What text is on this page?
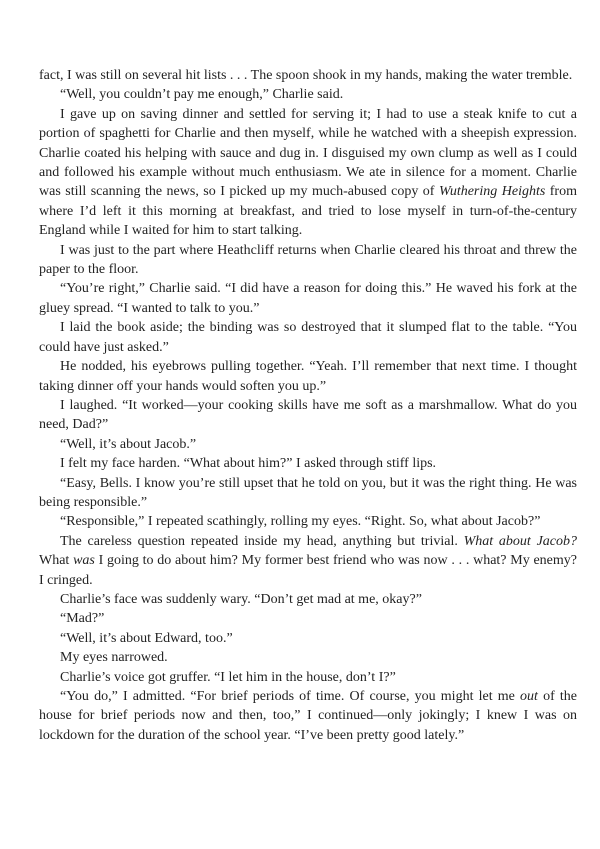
fact, I was still on several hit lists . . . The spoon shook in my hands, making the water tremble.

“Well, you couldn’t pay me enough,” Charlie said.

I gave up on saving dinner and settled for serving it; I had to use a steak knife to cut a portion of spaghetti for Charlie and then myself, while he watched with a sheepish expression. Charlie coated his helping with sauce and dug in. I disguised my own clump as well as I could and followed his example without much enthusiasm. We ate in silence for a moment. Charlie was still scanning the news, so I picked up my much-abused copy of Wuthering Heights from where I’d left it this morning at breakfast, and tried to lose myself in turn-of-the-century England while I waited for him to start talking.

I was just to the part where Heathcliff returns when Charlie cleared his throat and threw the paper to the floor.

“You’re right,” Charlie said. “I did have a reason for doing this.” He waved his fork at the gluey spread. “I wanted to talk to you.”

I laid the book aside; the binding was so destroyed that it slumped flat to the table. “You could have just asked.”

He nodded, his eyebrows pulling together. “Yeah. I’ll remember that next time. I thought taking dinner off your hands would soften you up.”

I laughed. “It worked—your cooking skills have me soft as a marshmallow. What do you need, Dad?”

“Well, it’s about Jacob.”

I felt my face harden. “What about him?” I asked through stiff lips.

“Easy, Bells. I know you’re still upset that he told on you, but it was the right thing. He was being responsible.”

“Responsible,” I repeated scathingly, rolling my eyes. “Right. So, what about Jacob?”

The careless question repeated inside my head, anything but trivial. What about Jacob? What was I going to do about him? My former best friend who was now . . . what? My enemy? I cringed.

Charlie’s face was suddenly wary. “Don’t get mad at me, okay?”

“Mad?”

“Well, it’s about Edward, too.”

My eyes narrowed.

Charlie’s voice got gruffer. “I let him in the house, don’t I?”

“You do,” I admitted. “For brief periods of time. Of course, you might let me out of the house for brief periods now and then, too,” I continued—only jokingly; I knew I was on lockdown for the duration of the school year. “I’ve been pretty good lately.”
